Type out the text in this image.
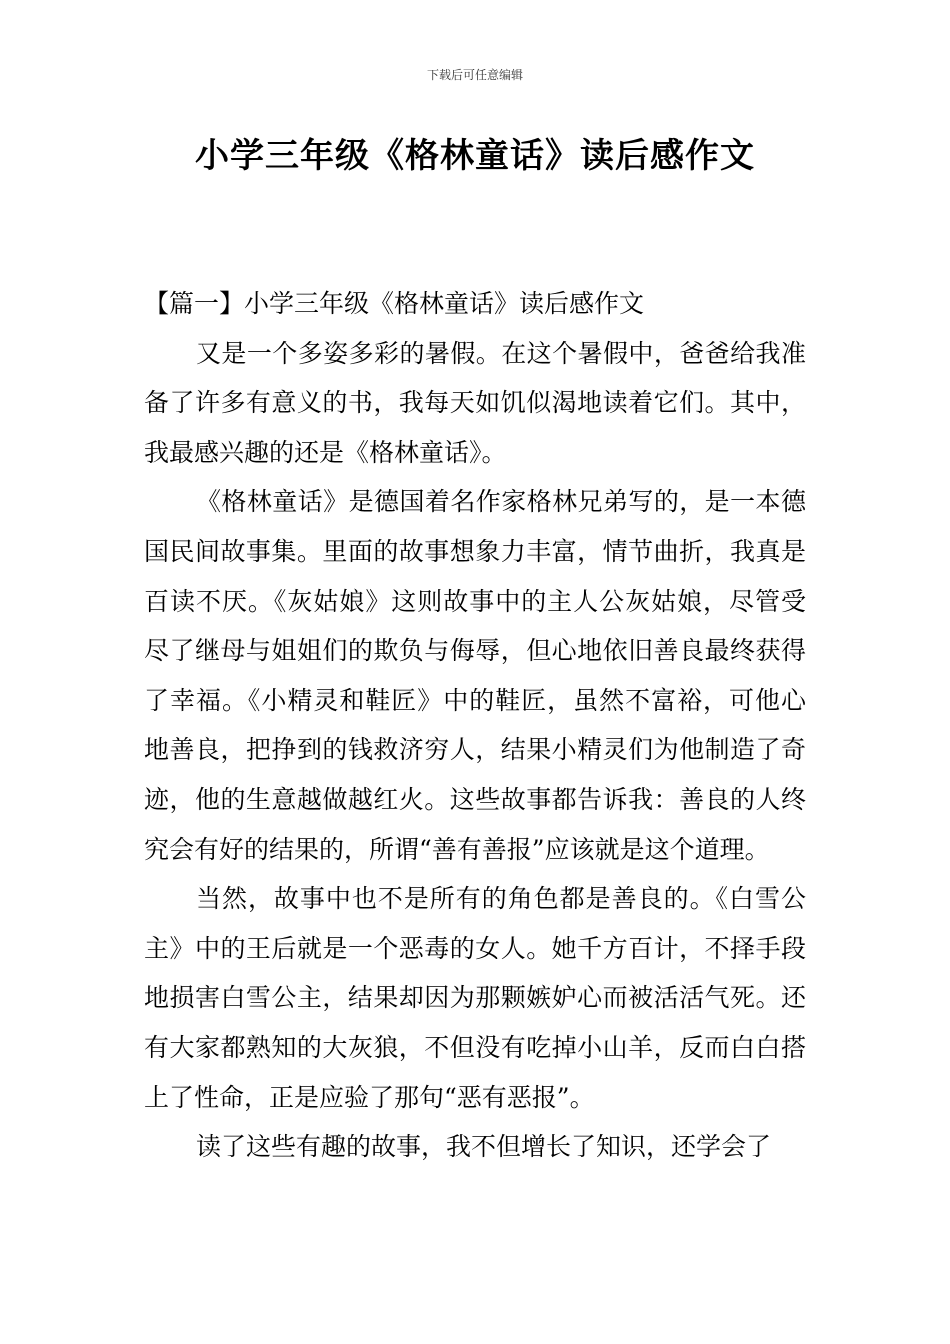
下载后可任意编辑
小学三年级《格林童话》读后感作文
【篇一】小学三年级《格林童话》读后感作文

又是一个多姿多彩的暑假。在这个暑假中，爸爸给我准备了许多有意义的书，我每天如饥似渴地读着它们。其中，我最感兴趣的还是《格林童话》。

《格林童话》是德国着名作家格林兄弟写的，是一本德国民间故事集。里面的故事想象力丰富，情节曲折，我真是百读不厌。《灰姑娘》这则故事中的主人公灰姑娘，尽管受尽了继母与姐姐们的欺负与侮辱，但心地依旧善良最终获得了幸福。《小精灵和鞋匠》中的鞋匠，虽然不富裕，可他心地善良，把挣到的钱救济穷人，结果小精灵们为他制造了奇迹，他的生意越做越红火。这些故事都告诉我：善良的人终究会有好的结果的，所谓“善有善报”应该就是这个道理。

当然，故事中也不是所有的角色都是善良的。《白雪公主》中的王后就是一个恶毒的女人。她千方百计，不择手段地损害白雪公主，结果却因为那颗嫉妒心而被活活气死。还有大家都熟知的大灰狼，不但没有吃掉小山羊，反而白白搭上了性命，正是应验了那句“恶有恶报”。

读了这些有趣的故事，我不但增长了知识，还学会了
